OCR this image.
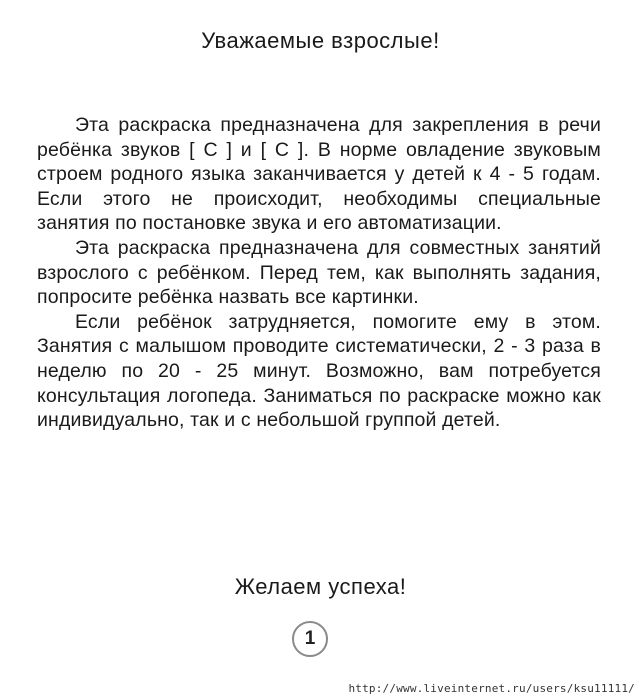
Уважаемые взрослые!

Эта раскраска предназначена для закрепления в речи ребёнка звуков [ С ] и [ С ]. В норме овладение звуковым строем родного языка заканчивается у детей к 4 - 5 годам. Если этого не происходит, необходимы специальные занятия по постановке звука и его автоматизации.

Эта раскраска предназначена для совместных занятий взрослого с ребёнком. Перед тем, как выполнять задания, попросите ребёнка назвать все картинки.

Если ребёнок затрудняется, помогите ему в этом. Занятия с малышом проводите систематически, 2 - 3 раза в неделю по 20 - 25 минут. Возможно, вам потребуется консультация логопеда. Заниматься по раскраске можно как индивидуально, так и с небольшой группой детей.

Желаем успеха!
1
http://www.liveinternet.ru/users/ksu11111/
